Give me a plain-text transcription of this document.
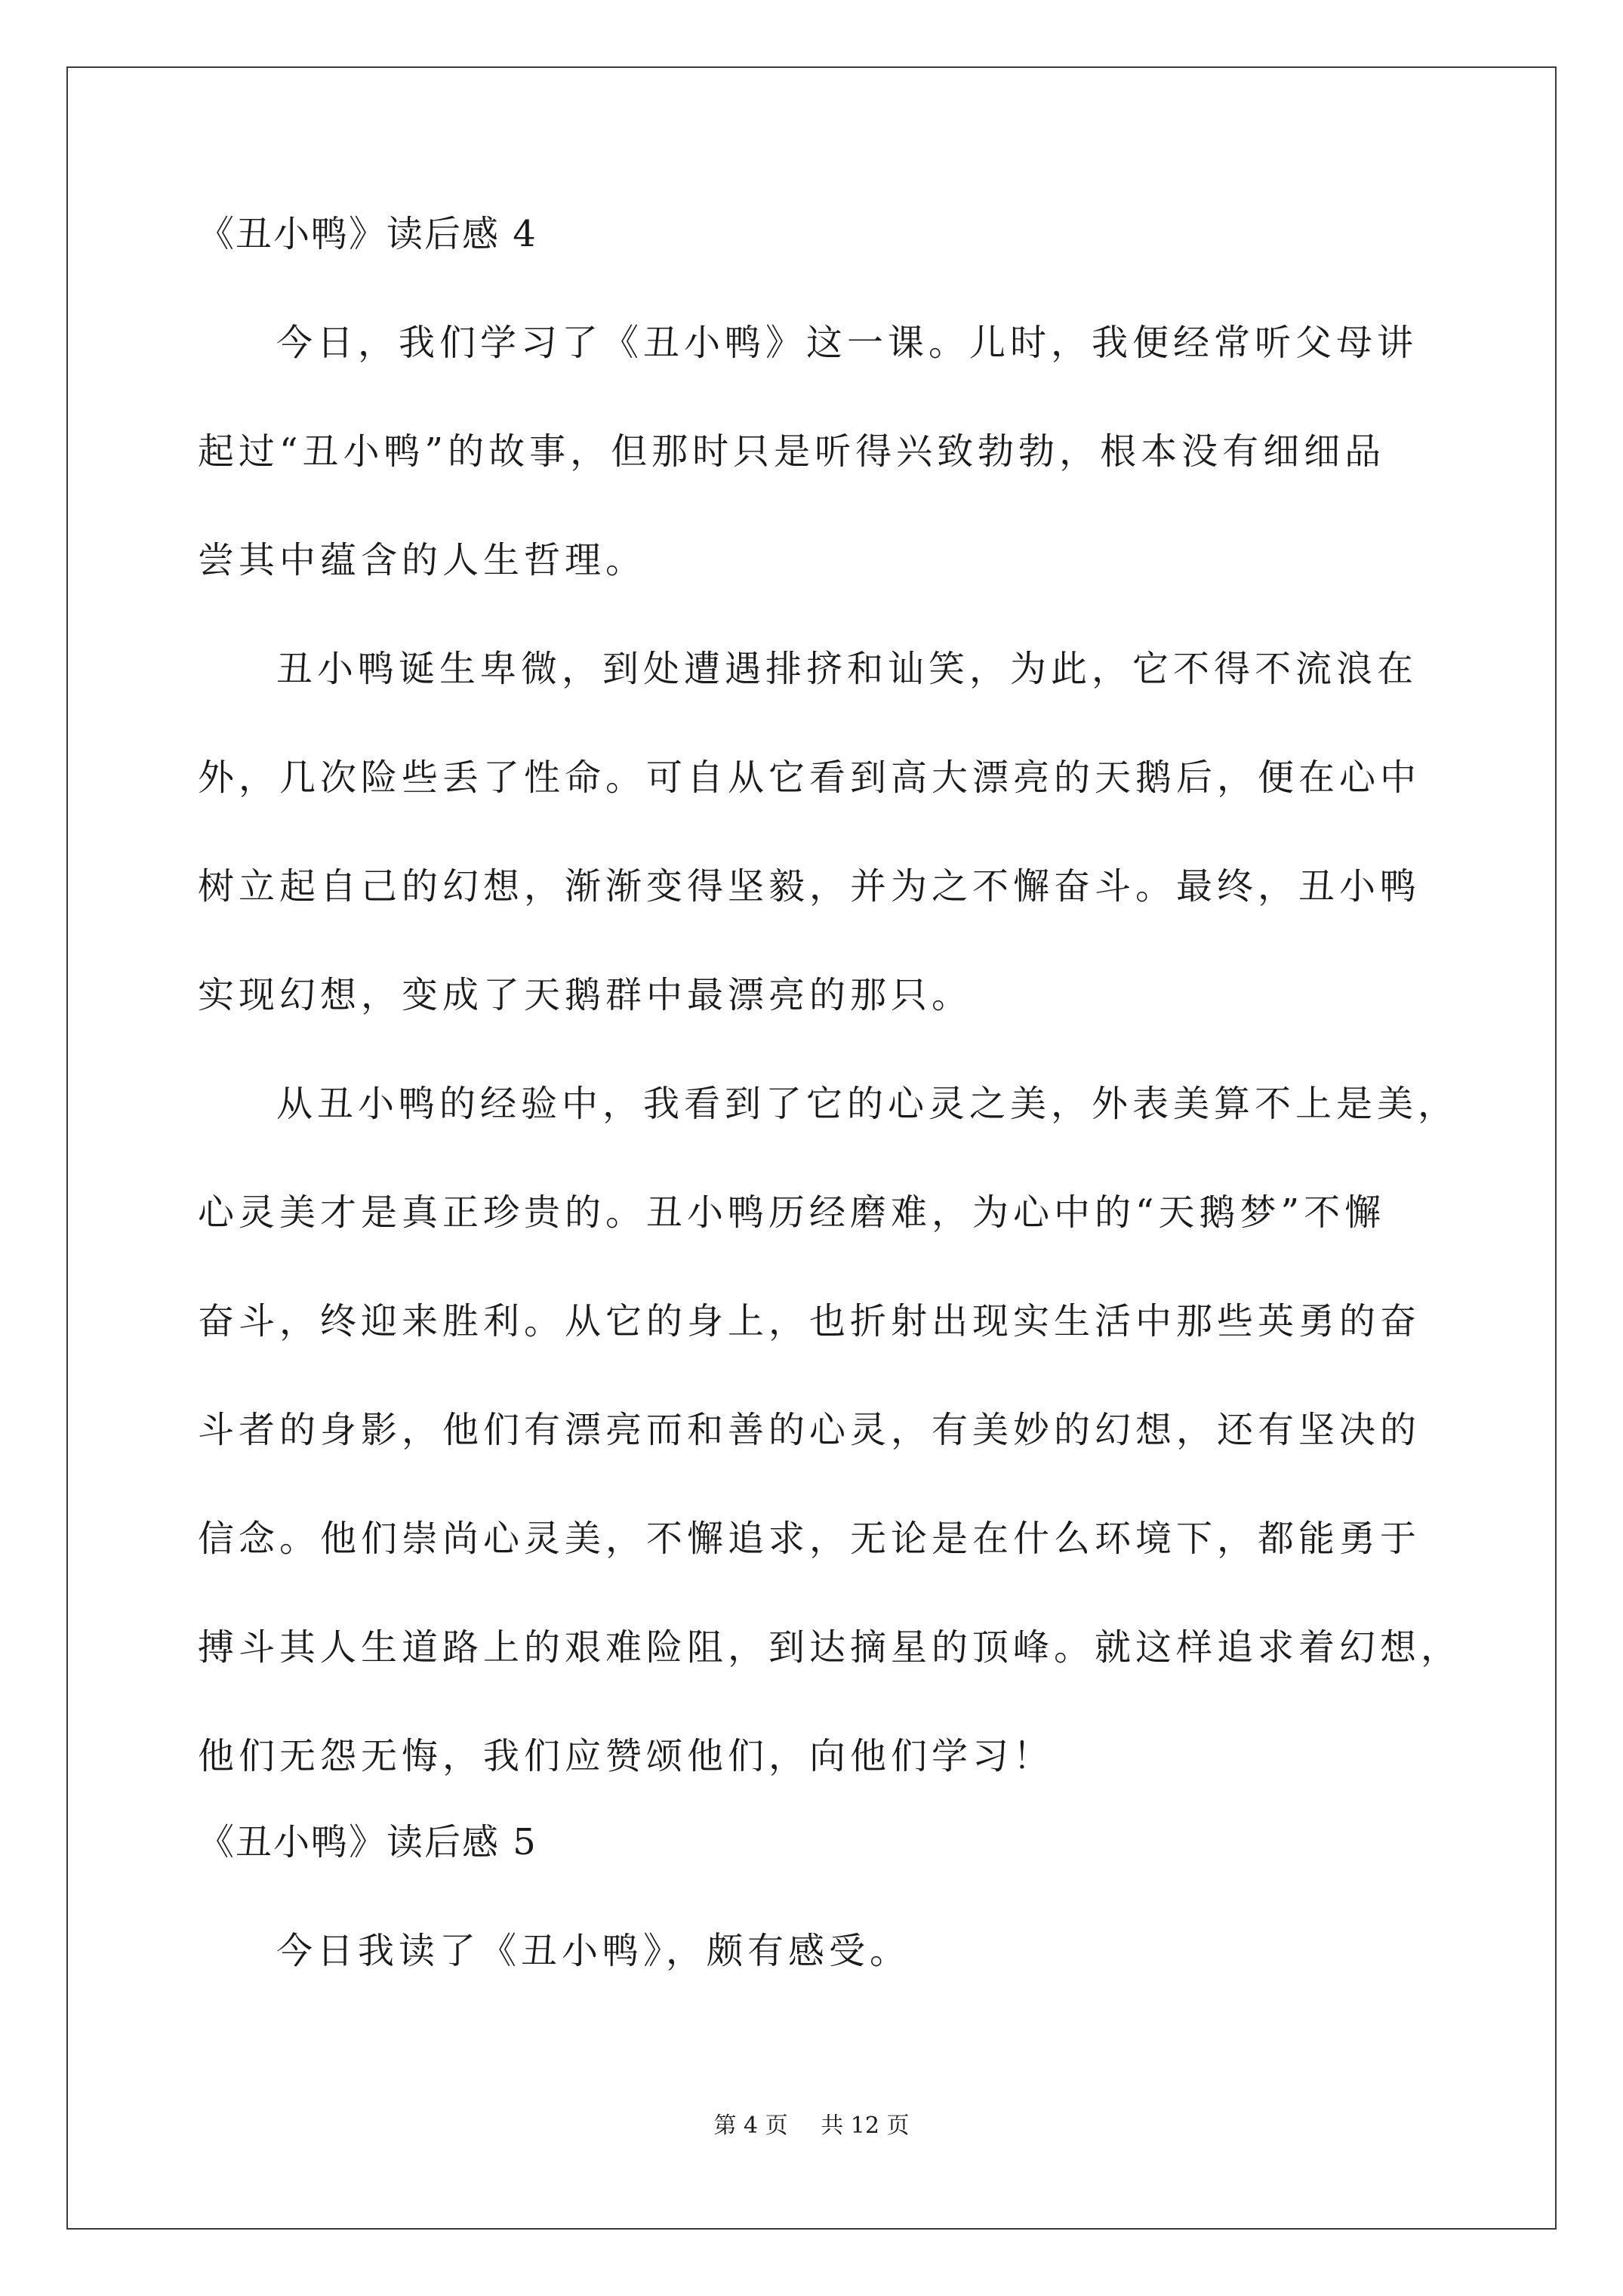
《丑小鸭》读后感 4
今日，我们学习了《丑小鸭》这一课。儿时，我便经常听父母讲
起过“丑小鸭”的故事，但那时只是听得兴致勃勃，根本没有细细品
尝其中蕴含的人生哲理。
丑小鸭诞生卑微，到处遭遇排挤和讪笑，为此，它不得不流浪在
外，几次险些丢了性命。可自从它看到高大漂亮的天鹅后，便在心中
树立起自己的幻想，渐渐变得坚毅，并为之不懈奋斗。最终，丑小鸭
实现幻想，变成了天鹅群中最漂亮的那只。
从丑小鸭的经验中，我看到了它的心灵之美，外表美算不上是美，
心灵美才是真正珍贵的。丑小鸭历经磨难，为心中的“天鹅梦”不懈
奋斗，终迎来胜利。从它的身上，也折射出现实生活中那些英勇的奋
斗者的身影，他们有漂亮而和善的心灵，有美妙的幻想，还有坚决的
信念。他们崇尚心灵美，不懈追求，无论是在什么环境下，都能勇于
搏斗其人生道路上的艰难险阻，到达摘星的顶峰。就这样追求着幻想，
他们无怨无悔，我们应赞颂他们，向他们学习！
《丑小鸭》读后感 5
今日我读了《丑小鸭》，颇有感受。
第 4 页 共 12 页
